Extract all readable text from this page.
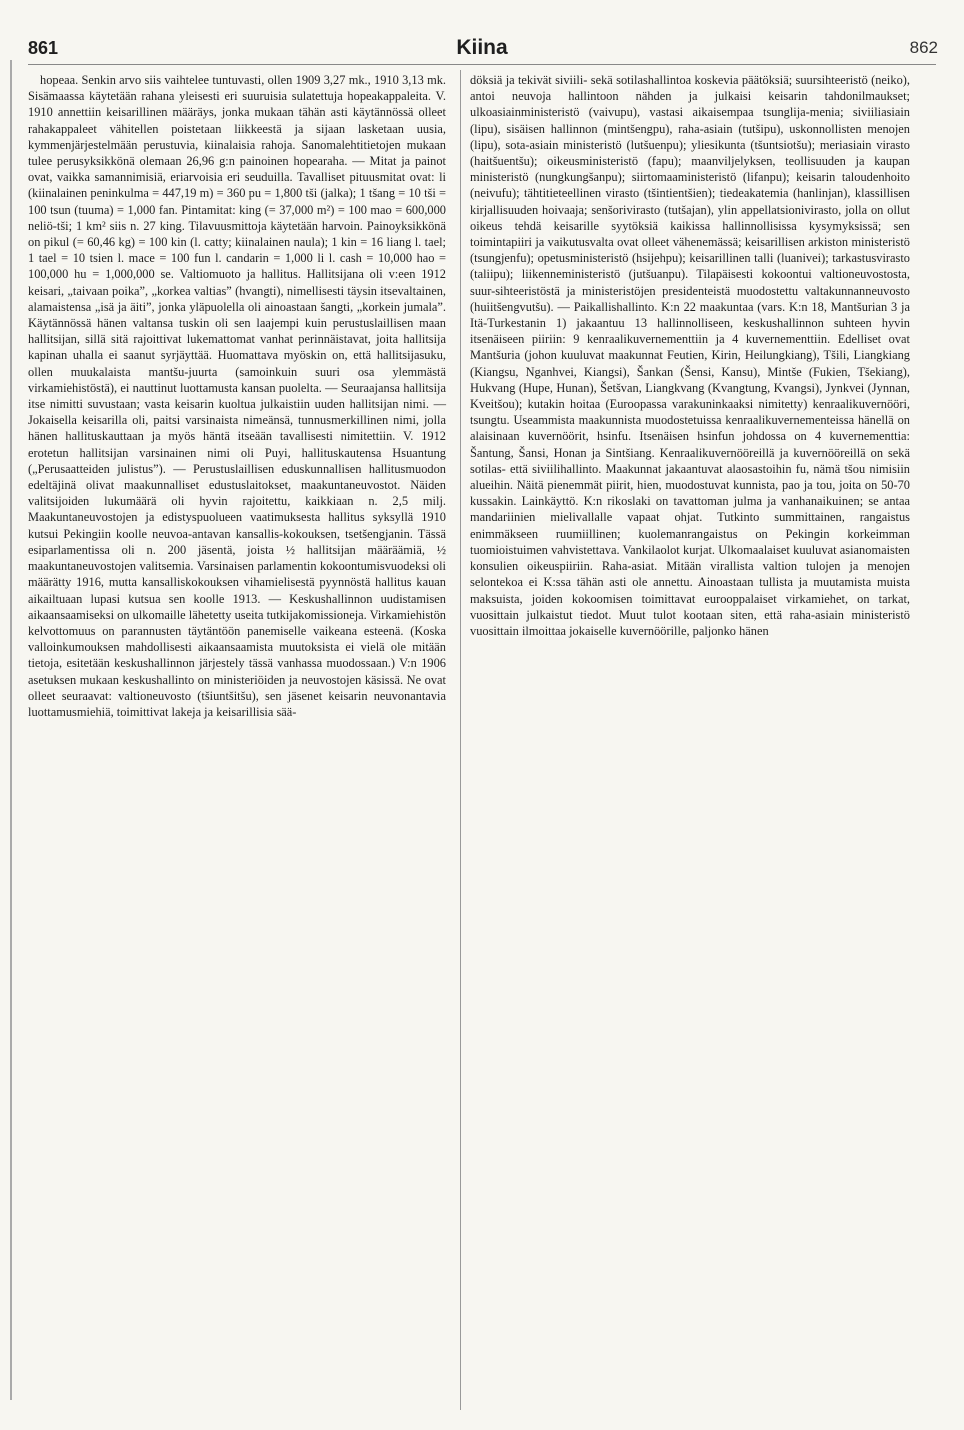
861	Kiina	862

hopeaa. Senkin arvo siis vaihtelee tuntuvasti, ollen 1909 3,27 mk., 1910 3,13 mk. Sisämaassa käytetään rahana yleisesti eri suuruisia sulatettuja hopeakappaleita. V. 1910 annettiin keisarillinen määräys, jonka mukaan tähän asti käytännössä olleet rahakappaleet vähitellen poistetaan liikkeestä ja sijaan lasketaan uusia, kymmenjärjestelmään perustuvia, kiinalaisia rahoja. Sanomalehtitietojen mukaan tulee perusyksikkönä olemaan 26,96 g:n painoinen hopearaha. — Mitat ja painot ovat, vaikka samannimisiä, eriarvoisia eri seuduilla. Tavalliset pituusmitat ovat: li (kiinalainen peninkulma = 447,19 m) = 360 pu = 1,800 tši (jalka); 1 tšang = 10 tši = 100 tsun (tuuma) = 1,000 fan. Pintamitat: king (= 37,000 m²) = 100 mao = 600,000 neliö-tši; 1 km² siis n. 27 king. Tilavuusmittoja käytetään harvoin. Painoyksikkönä on pikul (= 60,46 kg) = 100 kin (l. catty; kiinalainen naula); 1 kin = 16 liang l. tael; 1 tael = 10 tsien l. mace = 100 fun l. candarin = 1,000 li l. cash = 10,000 hao = 100,000 hu = 1,000,000 se. Valtiomuoto ja hallitus. Hallitsijana oli v:een 1912 keisari, „taivaan poika”, „korkea valtias” (hvangti), nimellisesti täysin itsevaltainen, alamaistensa „isä ja äiti”, jonka yläpuolella oli ainoastaan šangti, „korkein jumala”. Käytännössä hänen valtansa tuskin oli sen laajempi kuin perustuslaillisen maan hallitsijan, sillä sitä rajoittivat lukemattomat vanhat perinnäistavat, joita hallitsija kapinan uhalla ei saanut syrjäyttää. Huomattava myöskin on, että hallitsijasuku, ollen muukalaista mantšu-juurta (samoinkuin suuri osa ylemmästä virkamiehistöstä), ei nauttinut luottamusta kansan puolelta. — Seuraajansa hallitsija itse nimitti suvustaan; vasta keisarin kuoltua julkaistiin uuden hallitsijan nimi. —Jokaisella keisarilla oli, paitsi varsinaista nimeänsä, tunnusmerkillinen nimi, jolla hänen hallituskauttaan ja myös häntä itseään tavallisesti nimitettiin. V. 1912 erotetun hallitsijan varsinainen nimi oli Puyi, hallituskautensa Hsuantung („Perusaatteiden julistus”). — Perustuslaillisen eduskunnallisen hallitusmuodon edeltäjinä olivat maakunnalliset edustuslaitokset, maakuntaneuvostot. Näiden valitsijoiden lukumäärä oli hyvin rajoitettu, kaikkiaan n. 2,5 milj. Maakuntaneuvostojen ja edistyspuolueen vaatimuksesta hallitus syksyllä 1910 kutsui Pekingiin koolle neuvoa-antavan kansallis-kokouksen, tsetšengjanin. Tässä esiparlamentissa oli n. 200 jäsentä, joista ½ hallitsijan määräämiä, ½ maakuntaneuvostojen valitsemia. Varsinaisen parlamentin kokoontumisvuodeksi oli määrätty 1916, mutta kansalliskokouksen vihamielisestä pyynnöstä hallitus kauan aikailtuaan lupasi kutsua sen koolle 1913. — Keskushallinnon uudistamisen aikaansaamiseksi on ulkomaille lähetetty useita tutkijakomissioneja. Virkamiehistön kelvottomuus on parannusten täytäntöön panemiselle vaikeana esteenä. (Koska valloinkumouksen mahdollisesti aikaansaamista muutoksista ei vielä ole mitään tietoja, esitetään keskushallinnon järjestely tässä vanhassa muodossaan.) V:n 1906 asetuksen mukaan keskushallinto on ministeriöiden ja neuvostojen käsissä. Ne ovat olleet seuraavat: valtioneuvosto (tšiuntšitšu), sen jäsenet keisarin neuvonantavia luottamusmiehiä, toimittivat lakeja ja keisarillisia sää-

döksiä ja tekivät siviili- sekä sotilashallintoa koskevia päätöksiä; suursihteeristö (neiko), antoi neuvoja hallintoon nähden ja julkaisi keisarin tahdonilmaukset; ulkoasiainministeristö (vaivupu), vastasi aikaisempaa tsunglija-menia; siviiliasiain (lipu), sisäisen hallinnon (mintšengpu), raha-asiain (tutšipu), uskonnollisten menojen (lipu), sota-asiain ministeristö (lutšuenpu); yliesikunta (tšuntsiotšu); meriasiain virasto (haitšuentšu); oikeusministeristö (fapu); maanviljelyksen, teollisuuden ja kaupan ministeristö (nungkungšanpu); siirtomaaministeristö (lifanpu); keisarin taloudenhoito (neivufu); tähtitieteellinen virasto (tšintientšien); tiedeakatemia (hanlinjan), klassillisen kirjallisuuden hoivaaja; senšorivirasto (tutšajan), ylin appellatsionivirasto, jolla on ollut oikeus tehdä keisarille syytöksiä kaikissa hallinnollisissa kysymyksissä; sen toimintapiiri ja vaikutusvalta ovat olleet vähenemässä; keisarillisen arkiston ministeristö (tsungjenfu); opetusministeristö (hsijehpu); keisarillinen talli (luanivei); tarkastusvirasto (taliipu); liikenneministeristö (jutšuanpu). Tilapäisesti kokoontui valtioneuvostosta, suur-sihteeristöstä ja ministeristöjen presidenteistä muodostettu valtakunnanneuvosto (huiitšengvutšu). — Paikallishallinto. K:n 22 maakuntaa (vars. K:n 18, Mantšurian 3 ja Itä-Turkestanin 1) jakaantuu 13 hallinnolliseen, keskushallinnon suhteen hyvin itsenäiseen piiriin: 9 kenraalikuvernementtiin ja 4 kuvernementtiin. Edelliset ovat Mantšuria (johon kuuluvat maakunnat Feutien, Kirin, Heilungkiang), Tšili, Liangkiang (Kiangsu, Nganhvei, Kiangsi), Šankan (Šensi, Kansu), Mintše (Fukien, Tšekiang), Hukvang (Hupe, Hunan), Šetšvan, Liangkvang (Kvangtung, Kvangsi), Jynkvei (Jynnan, Kveitšou); kutakin hoitaa (Euroopassa varakuninkaaksi nimitetty) kenraalikuvernööri, tsungtu. Useammista maakunnista muodostetuissa kenraalikuvernementeissa hänellä on alaisinaan kuvernöörit, hsinfu. Itsenäisen hsinfun johdossa on 4 kuvernementtia: Šantung, Šansi, Honan ja Sintšiang. Kenraalikuvernööreillä ja kuvernööreillä on sekä sotilas- että siviilihallinto. Maakunnat jakaantuvat alaosastoihin fu, nämä tšou nimisiin alueihin. Näitä pienemmät piirit, hien, muodostuvat kunnista, pao ja tou, joita on 50-70 kussakin. Lainkäyttö. K:n rikoslaki on tavattoman julma ja vanhanaikuinen; se antaa mandariinien mielivallalle vapaat ohjat. Tutkinto summittainen, rangaistus enimmäkseen ruumiillinen; kuolemanrangaistus on Pekingin korkeimman tuomioistuimen vahvistettava. Vankilaolot kurjat. Ulkomaalaiset kuuluvat asianomaisten konsulien oikeuspiiriin. Raha-asiat. Mitään virallista valtion tulojen ja menojen selontekoa ei K:ssa tähän asti ole annettu. Ainoastaan tullista ja muutamista muista maksuista, joiden kokoomisen toimittavat eurooppalaiset virkamiehet, on tarkat, vuosittain julkaistut tiedot. Muut tulot kootaan siten, että raha-asiain ministeristö vuosittain ilmoittaa jokaiselle kuvernöörille, paljonko hänen
